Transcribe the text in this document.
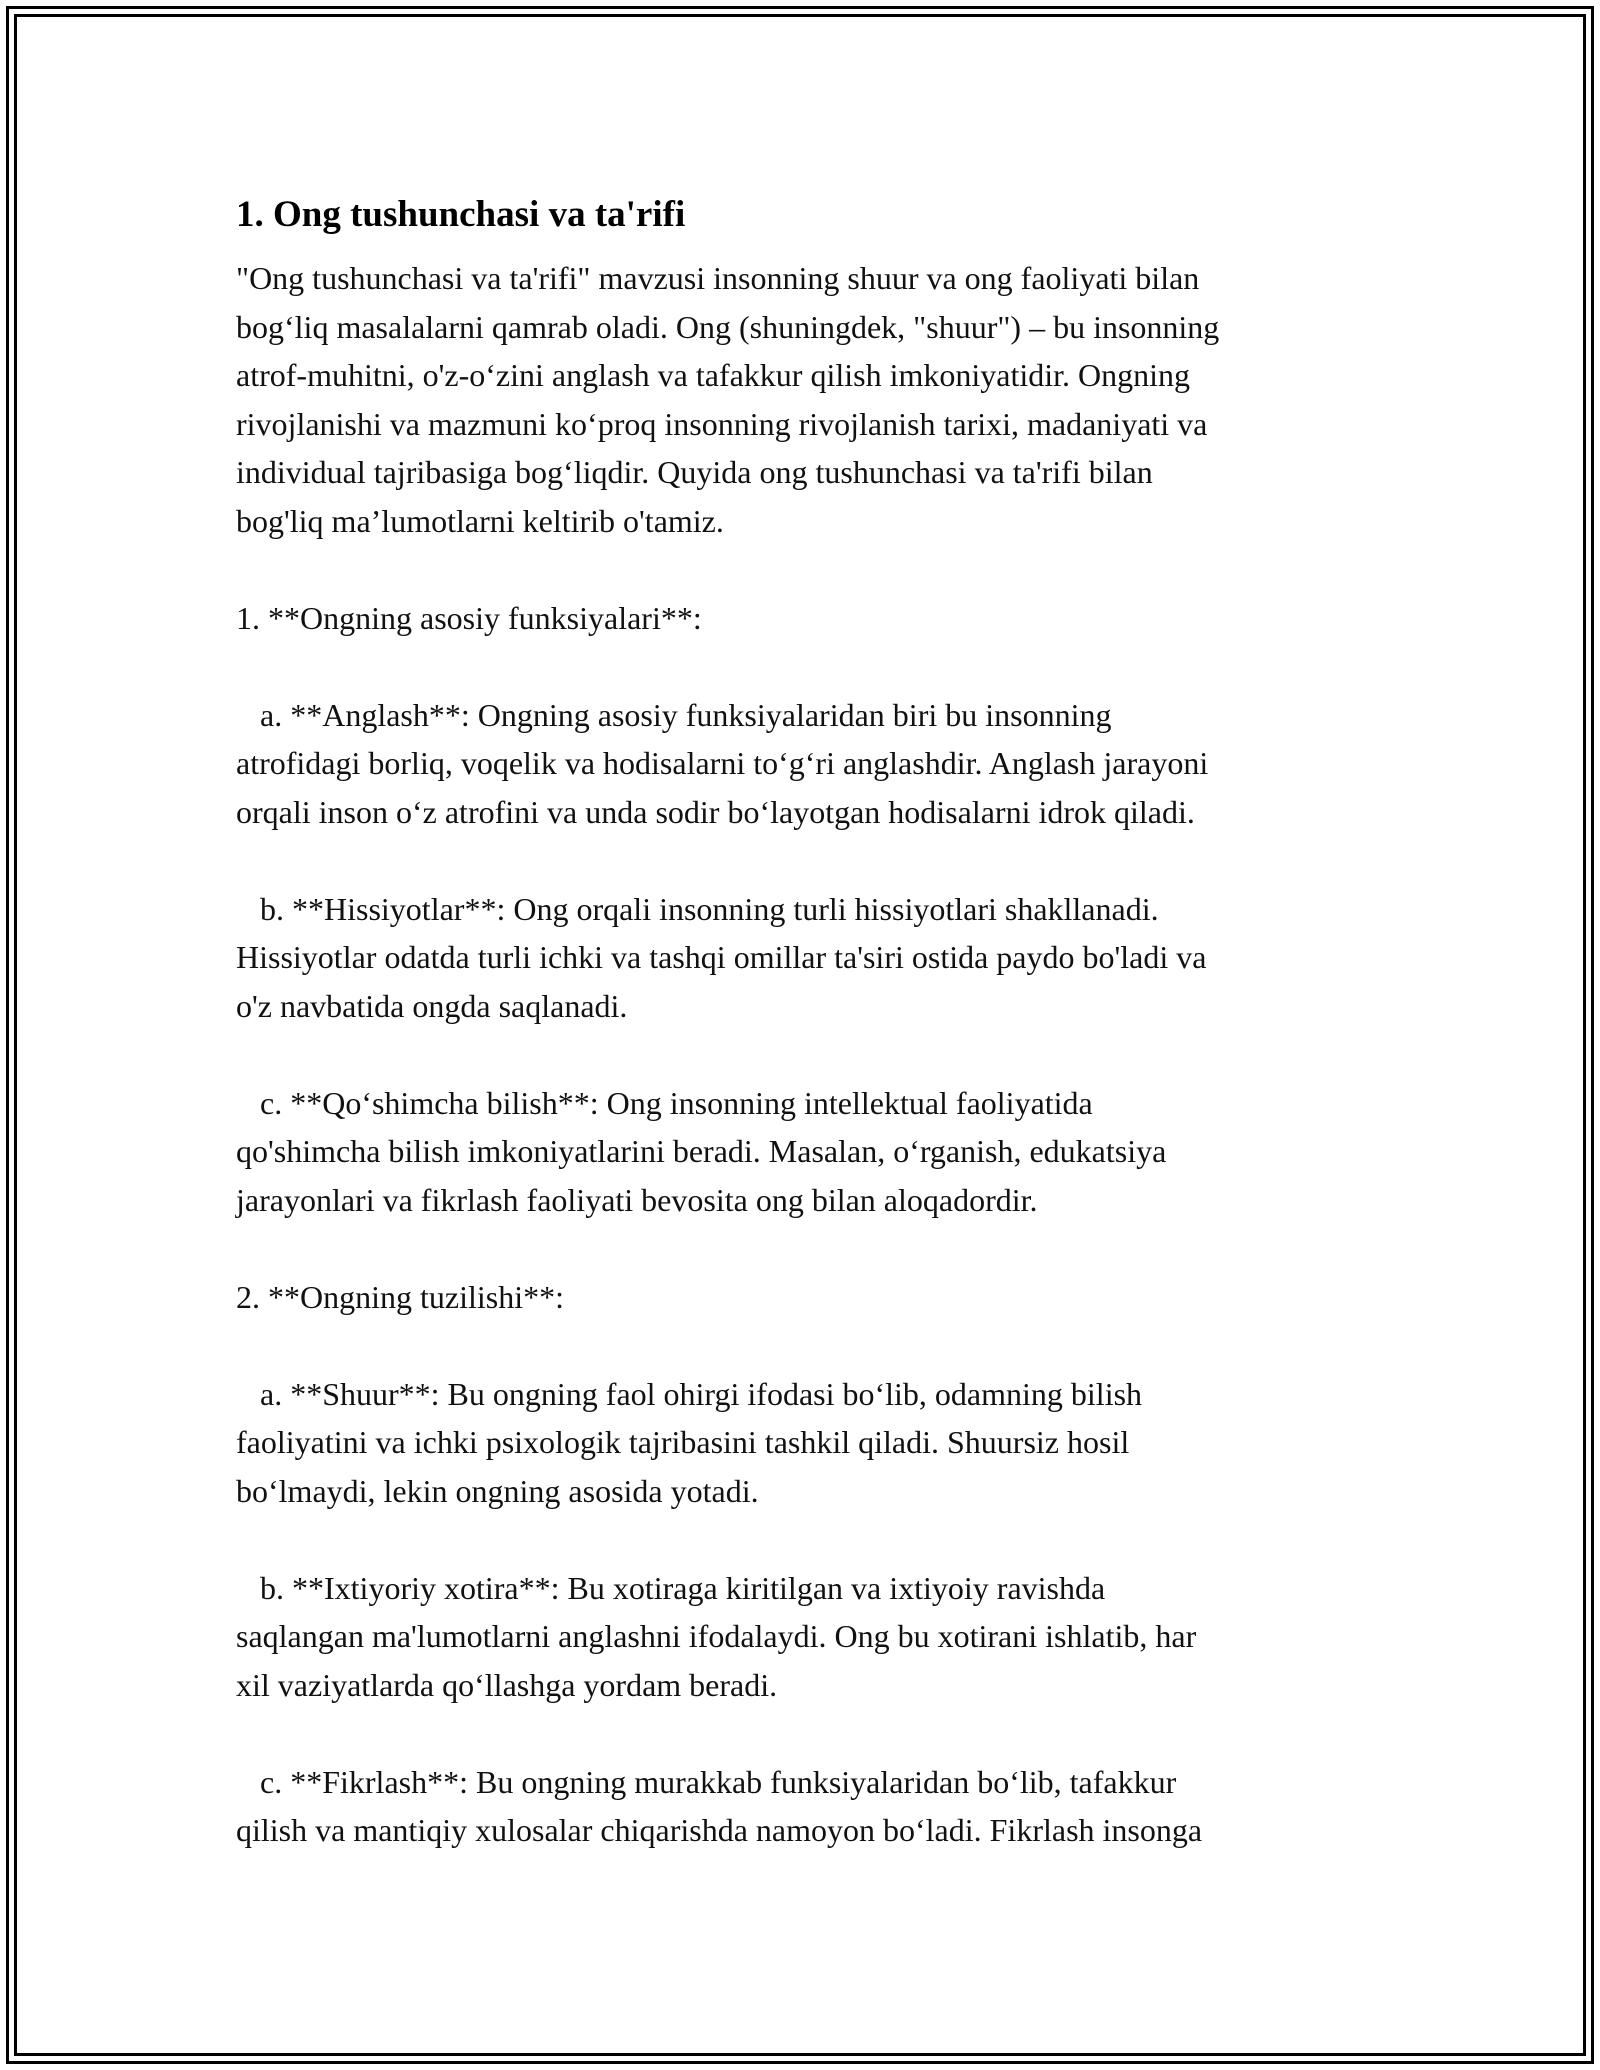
1. Ong tushunchasi va ta'rifi
"Ong tushunchasi va ta'rifi" mavzusi insonning shuur va ong faoliyati bilan
bog‘liq masalalarni qamrab oladi. Ong (shuningdek, "shuur") – bu insonning
atrof-muhitni, o'z-o‘zini anglash va tafakkur qilish imkoniyatidir. Ongning
rivojlanishi va mazmuni ko‘proq insonning rivojlanish tarixi, madaniyati va
individual tajribasiga bog‘liqdir. Quyida ong tushunchasi va ta'rifi bilan
bog'liq ma’lumotlarni keltirib o'tamiz.
1. **Ongning asosiy funksiyalari**:
a. **Anglash**: Ongning asosiy funksiyalaridan biri bu insonning
atrofidagi borliq, voqelik va hodisalarni to‘g‘ri anglashdir. Anglash jarayoni
orqali inson o‘z atrofini va unda sodir bo‘layotgan hodisalarni idrok qiladi.
b. **Hissiyotlar**: Ong orqali insonning turli hissiyotlari shakllanadi.
Hissiyotlar odatda turli ichki va tashqi omillar ta'siri ostida paydo bo'ladi va
o'z navbatida ongda saqlanadi.
c. **Qo‘shimcha bilish**: Ong insonning intellektual faoliyatida
qo'shimcha bilish imkoniyatlarini beradi. Masalan, o‘rganish, edukatsiya
jarayonlari va fikrlash faoliyati bevosita ong bilan aloqadordir.
2. **Ongning tuzilishi**:
a. **Shuur**: Bu ongning faol ohirgi ifodasi bo‘lib, odamning bilish
faoliyatini va ichki psixologik tajribasini tashkil qiladi. Shuursiz hosil
bo‘lmaydi, lekin ongning asosida yotadi.
b. **Ixtiyoriy xotira**: Bu xotiraga kiritilgan va ixtiyoiy ravishda
saqlangan ma'lumotlarni anglashni ifodalaydi. Ong bu xotirani ishlatib, har
xil vaziyatlarda qo‘llashga yordam beradi.
c. **Fikrlash**: Bu ongning murakkab funksiyalaridan bo‘lib, tafakkur
qilish va mantiqiy xulosalar chiqarishda namoyon bo‘ladi. Fikrlash insonga
